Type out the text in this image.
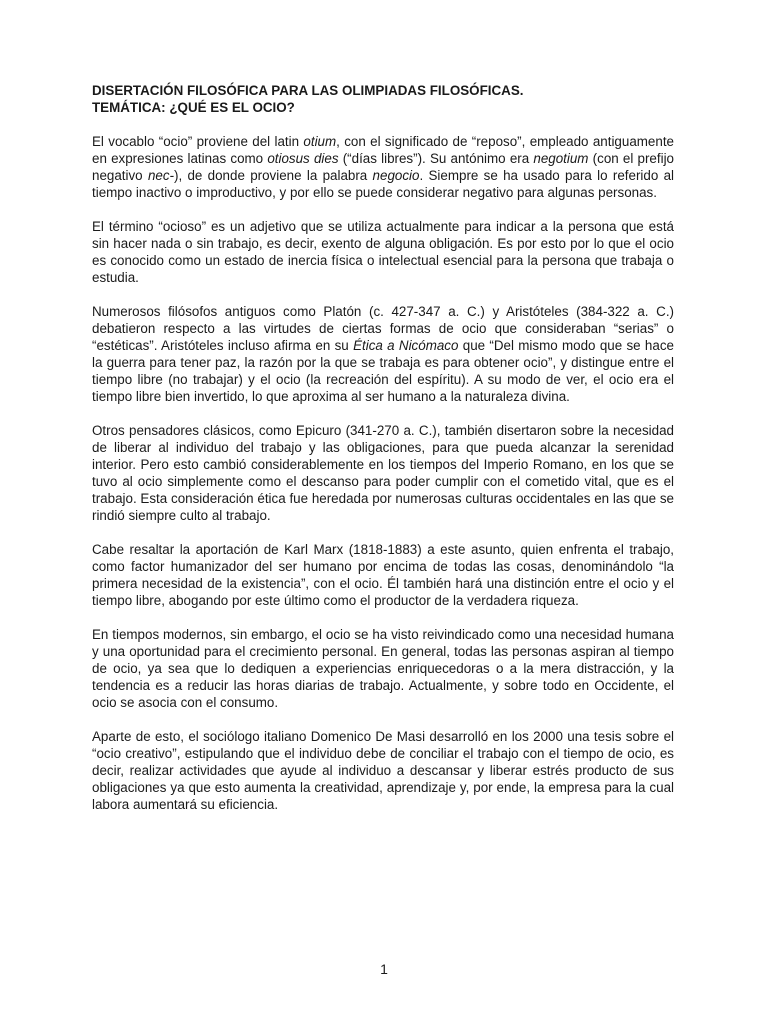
DISERTACIÓN FILOSÓFICA PARA LAS OLIMPIADAS FILOSÓFICAS.

TEMÁTICA: ¿QUÉ ES EL OCIO?

El vocablo “ocio” proviene del latin otium, con el significado de “reposo”, empleado antiguamente en expresiones latinas como otiosus dies (“días libres”). Su antónimo era negotium (con el prefijo negativo nec-), de donde proviene la palabra negocio. Siempre se ha usado para lo referido al tiempo inactivo o improductivo, y por ello se puede considerar negativo para algunas personas.

El término “ocioso” es un adjetivo que se utiliza actualmente para indicar a la persona que está sin hacer nada o sin trabajo, es decir, exento de alguna obligación. Es por esto por lo que el ocio es conocido como un estado de inercia física o intelectual esencial para la persona que trabaja o estudia.

Numerosos filósofos antiguos como Platón (c. 427-347 a. C.) y Aristóteles (384-322 a. C.) debatieron respecto a las virtudes de ciertas formas de ocio que consideraban “serias” o “estéticas”. Aristóteles incluso afirma en su Ética a Nicómaco que “Del mismo modo que se hace la guerra para tener paz, la razón por la que se trabaja es para obtener ocio”, y distingue entre el tiempo libre (no trabajar) y el ocio (la recreación del espíritu). A su modo de ver, el ocio era el tiempo libre bien invertido, lo que aproxima al ser humano a la naturaleza divina.

Otros pensadores clásicos, como Epicuro (341-270 a. C.), también disertaron sobre la necesidad de liberar al individuo del trabajo y las obligaciones, para que pueda alcanzar la serenidad interior. Pero esto cambió considerablemente en los tiempos del Imperio Romano, en los que se tuvo al ocio simplemente como el descanso para poder cumplir con el cometido vital, que es el trabajo. Esta consideración ética fue heredada por numerosas culturas occidentales en las que se rindió siempre culto al trabajo.

Cabe resaltar la aportación de Karl Marx (1818-1883) a este asunto, quien enfrenta el trabajo, como factor humanizador del ser humano por encima de todas las cosas, denominándolo “la primera necesidad de la existencia”, con el ocio. Él también hará una distinción entre el ocio y el tiempo libre, abogando por este último como el productor de la verdadera riqueza.

En tiempos modernos, sin embargo, el ocio se ha visto reivindicado como una necesidad humana y una oportunidad para el crecimiento personal. En general, todas las personas aspiran al tiempo de ocio, ya sea que lo dediquen a experiencias enriquecedoras o a la mera distracción, y la tendencia es a reducir las horas diarias de trabajo. Actualmente, y sobre todo en Occidente, el ocio se asocia con el consumo.

Aparte de esto, el sociólogo italiano Domenico De Masi desarrolló en los 2000 una tesis sobre el “ocio creativo”, estipulando que el individuo debe de conciliar el trabajo con el tiempo de ocio, es decir, realizar actividades que ayude al individuo a descansar y liberar estrés producto de sus obligaciones ya que esto aumenta la creatividad, aprendizaje y, por ende, la empresa para la cual labora aumentará su eficiencia.

1
